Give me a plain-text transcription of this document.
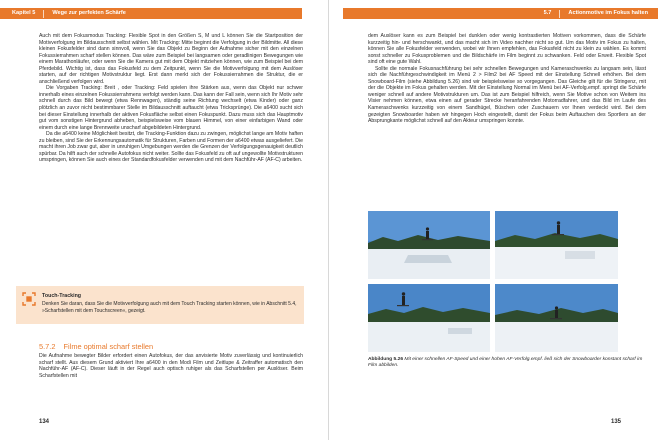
Kapitel 5	Wege zur perfekten Schärfe

Auch mit dem Fokusmodus Tracking: Flexible Spot in den Größen S, M und L können Sie die Startposition der Motivverfolgung im Bildausschnitt selbst wählen. Mit Tracking: Mitte beginnt die Verfolgung in der Bildmitte. All diese kleinen Fokusfelder sind dann sinnvoll, wenn Sie das Objekt zu Beginn der Aufnahme sicher mit den einzelnen Fokussierrahmen scharf stellen können. Das wäre zum Beispiel bei langsamen oder geradlinigen Bewegungen wie einem Marathonläufer, oder wenn Sie die Kamera gut mit dem Objekt mitziehen können, wie zum Beispiel bei dem Pferdebild. Wichtig ist, dass das Fokusfeld zu dem Zeitpunkt, wenn Sie die Motivverfolgung mit dem Auslöser starten, auf der richtigen Motivstruktur liegt. Erst dann merkt sich der Fokussierrahmen die Struktur, die er anschließend verfolgen wird.

Die Vorgaben Tracking: Breit , oder Tracking: Feld spielen ihre Stärken aus, wenn das Objekt nur schwer innerhalb eines einzelnen Fokussierrahmens verfolgt werden kann. Das kann der Fall sein, wenn sich Ihr Motiv sehr schnell durch das Bild bewegt (etwa Rennwagen), ständig seine Richtung wechselt (etwa Kinder) oder ganz plötzlich an zuvor nicht bestimmbarer Stelle im Bildausschnitt auftaucht (etwa Tricksprünge). Die a6400 sucht sich bei dieser Einstellung innerhalb der aktiven Fokusfläche selbst einen Fokuspunkt. Dazu muss sich das Hauptmotiv gut vom sonstigen Hintergrund abheben, beispielsweise vom blauen Himmel, von einer einfarbigen Wand oder einem durch eine lange Brennweite unscharf abgebildeten Hintergrund.

Da die a6400 keine Möglichkeit besitzt, die Tracking-Funktion dazu zu zwingen, möglichst lange am Motiv haften zu bleiben, sind Sie der Erkennungsautomatik für Strukturen, Farben und Formen der a6400 etwas ausgeliefert. Die macht ihren Job zwar gut, aber in unruhigen Umgebungen werden die Grenzen der Verfolgungsgenauigkeit deutlich spürbar. Da hilft auch der schnelle Autofokus nicht weiter. Sollte das Fokusfeld zu oft auf ungewollte Motivstrukturen umspringen, können Sie auch eines der Standardfokusfelder verwenden und mit dem Nachführ-AF (AF-C) arbeiten.

Touch-Tracking
Denken Sie daran, dass Sie die Motivverfolgung auch mit dem Touch Tracking starten können, wie in Abschnitt 5.4, »Scharfstellen mit dem Touchscreen«, gezeigt.
5.7.2 Filme optimal scharf stellen

Die Aufnahme bewegter Bilder erfordert einen Autofokus, der das anvisierte Motiv zuverlässig und kontinuierlich scharf stellt. Aus diesem Grund aktiviert Ihre a6400 in den Modi Film und Zeitlupe & Zeitraffer automatisch den Nachführ-AF (AF-C). Dieser läuft in der Regel auch optisch ruhiger als das Scharfstellen per Auslöser. Beim Scharfstellen mit

134
5.7	Actionmotive im Fokus halten

dem Auslöser kann es zum Beispiel bei dunklen oder wenig kontrastierten Motiven vorkommen, dass die Schärfe kurzzeitig hin- und herschwankt, und das macht sich im Video nachher nicht so gut. Um das Motiv im Fokus zu halten, können Sie alle Fokusfelder verwenden, wobei wir Ihnen empfehlen, das Fokusfeld nicht zu klein zu wählen. Es kommt sonst schneller zu Fokusproblemen und die Bildschärfe im Film beginnt zu schwanken. Feld oder Erweit. Flexible Spot sind oft eine gute Wahl.

Sollte die normale Fokusnachführung bei sehr schnellen Bewegungen und Kameraschwenks zu langsam sein, lässt sich die Nachführgeschwindigkeit im Menü 2 > Film2 bei AF Speed mit der Einstellung Schnell erhöhen. Bei dem Snowboard-Film (siehe Abbildung 5.26) sind wir beispielsweise so vorgegangen. Das Gleiche gilt für die Stringenz, mit der die Objekte im Fokus gehalten werden. Mit der Einstellung Normal im Menü bei AF-Verfolg.empf. springt die Schärfe weniger schnell auf andere Motivstrukturen um. Das ist zum Beispiel hilfreich, wenn Sie Motive schon von Weitem ins Visier nehmen können, etwa einen auf gerader Strecke heranfahrenden Motorradfahrer, und das Bild im Laufe des Kameraschwenks kurzzeitig von einem Sandhügel, Büschen oder Zuschauern vor Ihnen verdeckt wird. Bei dem gezeigten Snowboarder haben wir hingegen Hoch eingestellt, damit der Fokus beim Auftauchen des Sportlers an der Absprungkante möglichst schnell auf den Akteur umspringen konnte.

Abbildung 5.26 Mit einer schnellen AF-Speed und einer hohen AF-Verfolg.empf. ließ sich der Snowboarder konstant scharf im Film abbilden.
135
